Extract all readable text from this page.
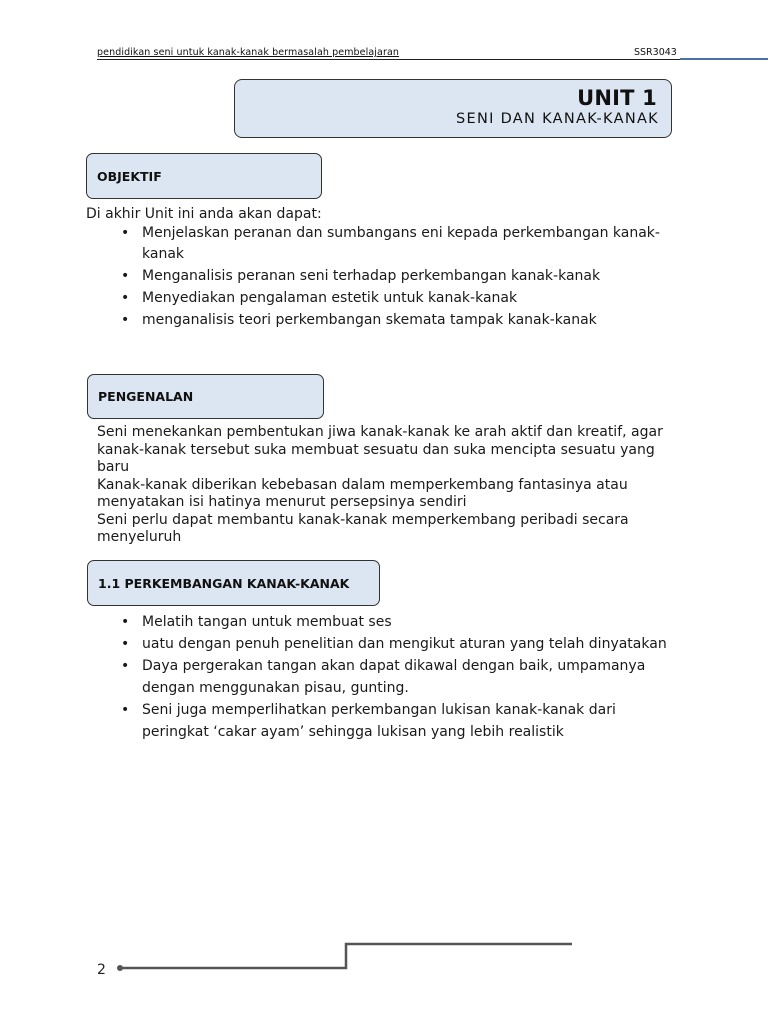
pendidikan seni untuk kanak-kanak bermasalah pembelajaran	SSR3043
UNIT 1
SENI DAN KANAK-KANAK
OBJEKTIF
Di akhir Unit ini anda akan dapat:
• Menjelaskan peranan dan sumbangans eni kepada perkembangan kanak-kanak
• Menganalisis peranan seni terhadap perkembangan kanak-kanak
• Menyediakan pengalaman estetik untuk kanak-kanak
• menganalisis teori perkembangan skemata tampak kanak-kanak
PENGENALAN

Seni menekankan pembentukan jiwa kanak-kanak ke arah aktif dan kreatif, agar kanak-kanak tersebut suka membuat sesuatu dan suka mencipta sesuatu yang baru

Kanak-kanak diberikan kebebasan dalam memperkembang fantasinya atau menyatakan isi hatinya menurut persepsinya sendiri

Seni perlu dapat membantu kanak-kanak memperkembang peribadi secara menyeluruh

1.1 PERKEMBANGAN KANAK-KANAK
• Melatih tangan untuk membuat ses
• uatu dengan penuh penelitian dan mengikut aturan yang telah dinyatakan
• Daya pergerakan tangan akan dapat dikawal dengan baik, umpamanya dengan menggunakan pisau, gunting.
• Seni juga memperlihatkan perkembangan lukisan kanak-kanak dari peringkat ‘cakar ayam’ sehingga lukisan yang lebih realistik
2
